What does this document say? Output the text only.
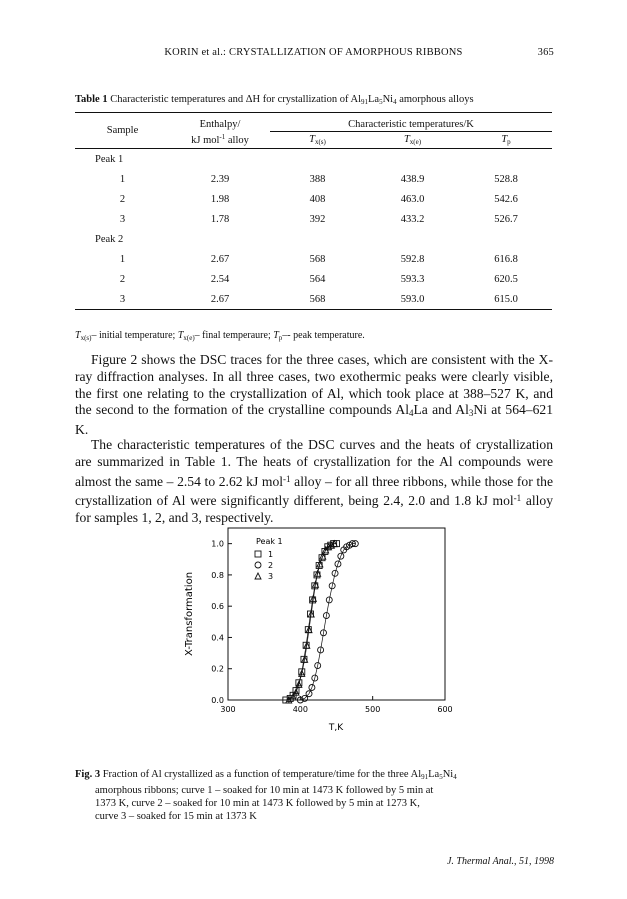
KORIN et al.: CRYSTALLIZATION OF AMORPHOUS RIBBONS	365
Table 1 Characteristic temperatures and ΔH for crystallization of $Al_{91}La_5Ni_4$ amorphous alloys
Sample	Enthalpy/	Characteristic temperatures/K		
	kJ mol$^{-1}$ alloy	$T_{x(s)}$	$T_{x(e)}$	$T_p$
Peak 1				
1	2.39	388	438.9	528.8
2	1.98	408	463.0	542.6
3	1.78	392	433.2	526.7
Peak 2				
1	2.67	568	592.8	616.8
2	2.54	564	593.3	620.5
3	2.67	568	593.0	615.0
$T_{x(s)}-$ initial temperature; $T_{x(e)}-$ final temperaure; $T_p--$ peak temperature.

Figure 2 shows the DSC traces for the three cases, which are consistent with the X-ray diffraction analyses. In all three cases, two exothermic peaks were clearly visible, the first one relating to the crystallization of Al, which took place at 388–527 K, and the second to the formation of the crystalline compounds $Al_4La$ and $Al_3Ni$ at 564–621 K.

The characteristic temperatures of the DSC curves and the heats of crystallization are summarized in Table 1. The heats of crystallization for the Al compounds were almost the same – 2.54 to 2.62 kJ mol$^{-1}$ alloy – for all three ribbons, while those for the crystallization of Al were significantly different, being 2.4, 2.0 and 1.8 kJ mol$^{-1}$ alloy for samples 1, 2, and 3, respectively.

300	400	500	600
0.0
0.2
0.4
0.6
0.8
1.0	Peak 1
1
2
3
X-Transformation
T,K
Fig. 3 Fraction of Al crystallized as a function of temperature/time for the three $Al_{91}La_5Ni_4$
amorphous ribbons; curve 1 – soaked for 10 min at 1473 K followed by 5 min at
1373 K, curve 2 – soaked for 10 min at 1473 K followed by 5 min at 1273 K,
curve 3 – soaked for 15 min at 1373 K
J. Thermal Anal., 51, 1998
